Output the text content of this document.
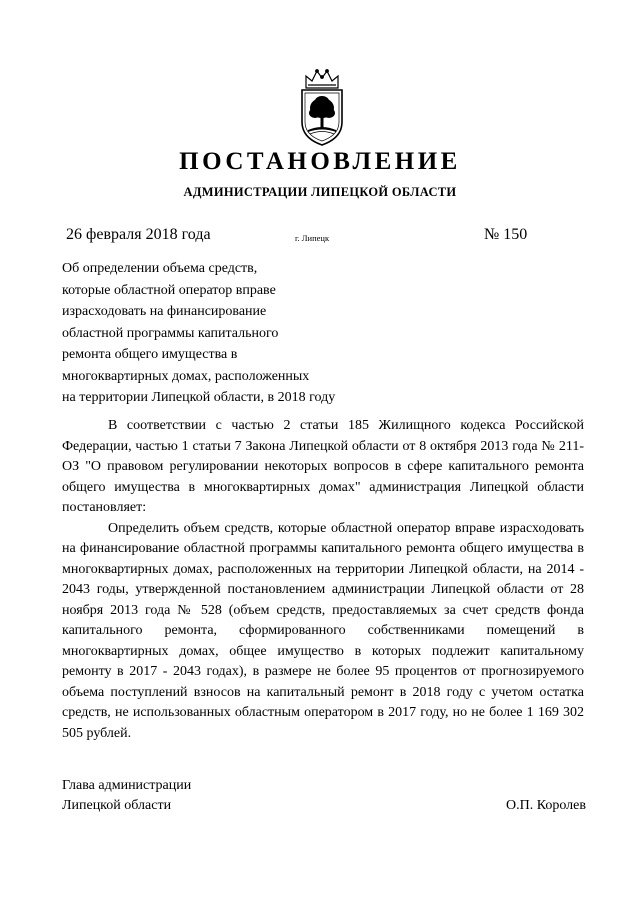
ПОСТАНОВЛЕНИЕ
АДМИНИСТРАЦИИ ЛИПЕЦКОЙ ОБЛАСТИ
26 февраля 2018 года	г. Липецк	№ 150
Об определении объема средств,
которые областной оператор вправе
израсходовать на финансирование
областной программы капитального
ремонта общего имущества в
многоквартирных домах, расположенных
на территории Липецкой области, в 2018 году

В соответствии с частью 2 статьи 185 Жилищного кодекса Российской Федерации, частью 1 статьи 7 Закона Липецкой области от 8 октября 2013 года № 211-ОЗ "О правовом регулировании некоторых вопросов в сфере капитального ремонта общего имущества в многоквартирных домах" администрация Липецкой области постановляет:

Определить объем средств, которые областной оператор вправе израсходовать на финансирование областной программы капитального ремонта общего имущества в многоквартирных домах, расположенных на территории Липецкой области, на 2014 - 2043 годы, утвержденной постановлением администрации Липецкой области от 28 ноября 2013 года № 528 (объем средств, предоставляемых за счет средств фонда капитального ремонта, сформированного собственниками помещений в многоквартирных домах, общее имущество в которых подлежит капитальному ремонту в 2017 - 2043 годах), в размере не более 95 процентов от прогнозируемого объема поступлений взносов на капитальный ремонт в 2018 году с учетом остатка средств, не использованных областным оператором в 2017 году, но не более 1 169 302 505 рублей.

Глава администрации
Липецкой области	О.П. Королев
